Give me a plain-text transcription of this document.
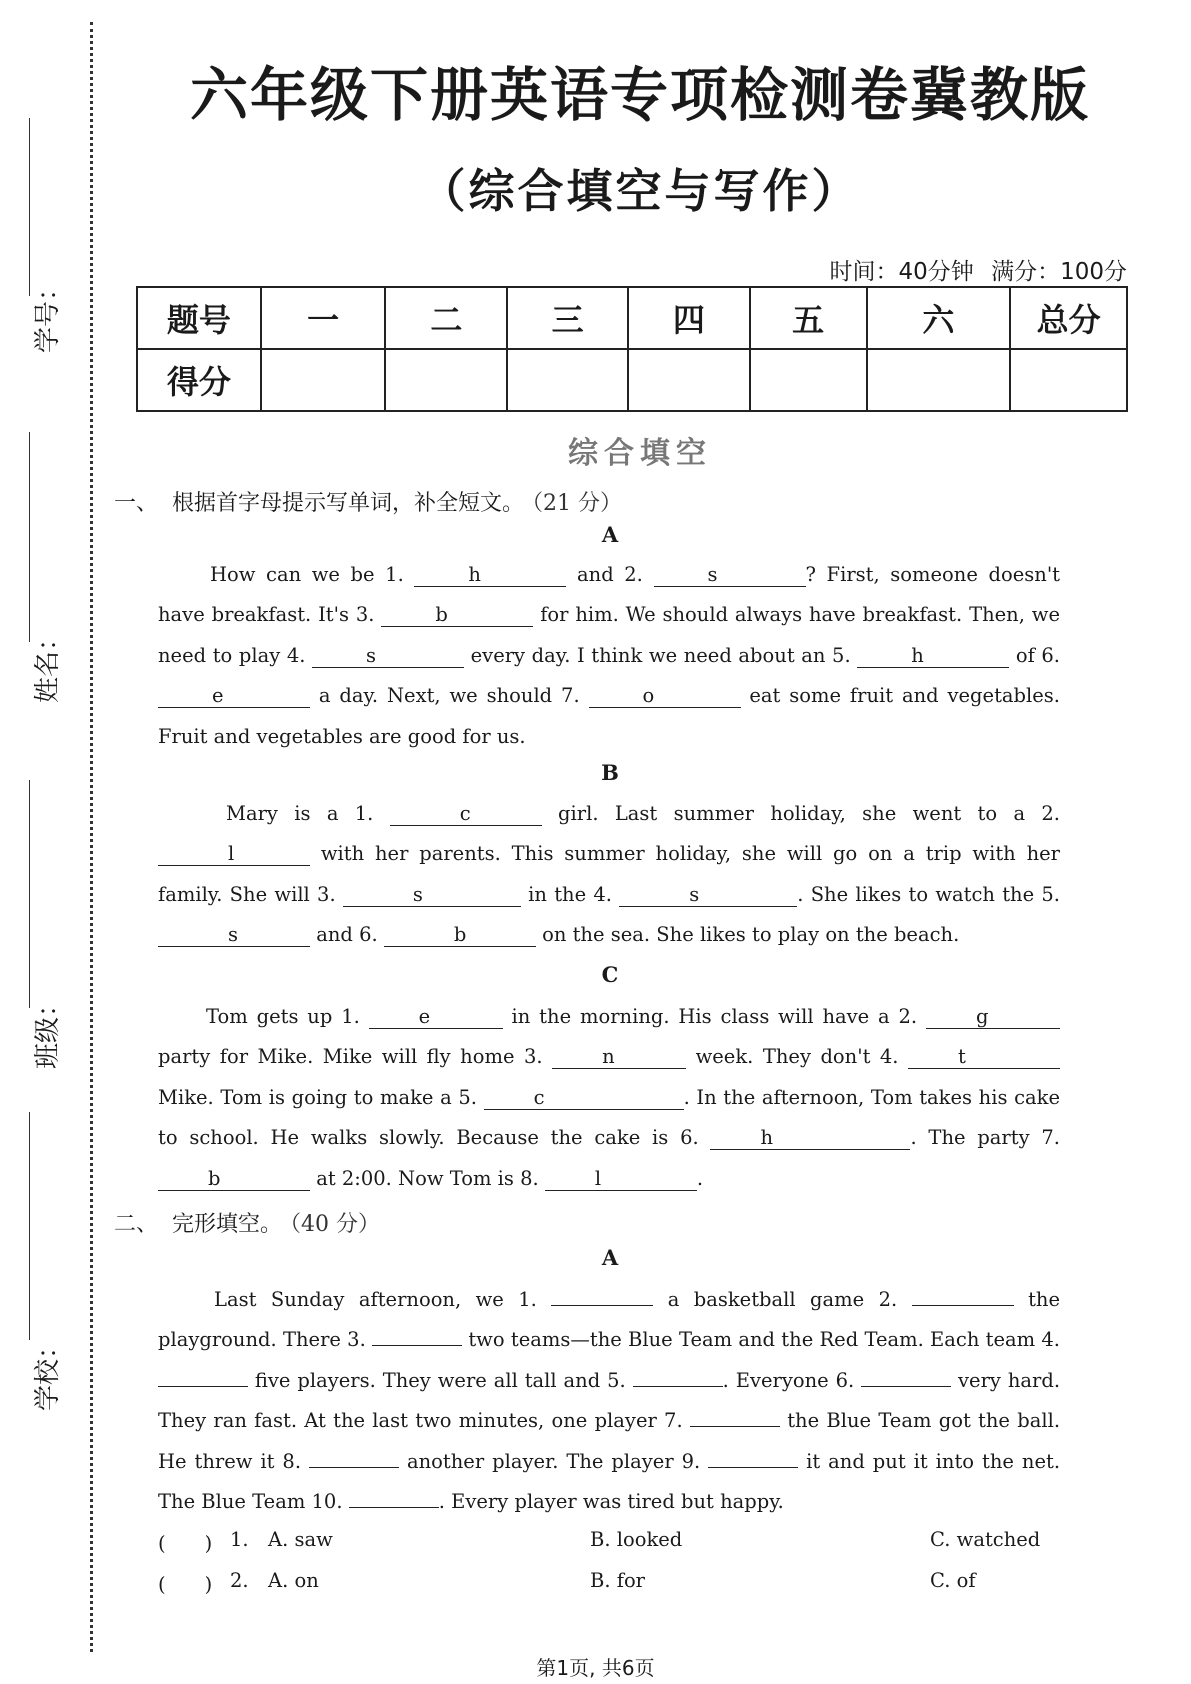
学号：
姓名：
班级：
学校：
六年级下册英语专项检测卷冀教版
（综合填空与写作）
时间：40分钟 满分：100分
题号	一	二	三	四	五	六	总分
得分							
综合填空
一、 根据首字母提示写单词，补全短文。 （21 分）
A
How can we be 1.	h	and 2.	s	? First, someone doesn't have breakfast. It's 3.	b	for him. We should always have breakfast. Then, we need to play 4.	s	every day. I think we need about an 5.	h	of 6. e	a day. Next, we should 7.	o	eat some fruit and vegetables. Fruit and vegetables are good for us.
B
Mary is a 1.	c	girl. Last summer holiday, she went to a 2. l	with her parents. This summer holiday, she will go on a trip with her family. She will 3.	s	in the 4.	s	. She likes to watch the 5. s	and 6.	b	on the sea. She likes to play on the beach.
C
Tom gets up 1.	e	in the morning. His class will have a 2.	g party for Mike. Mike will fly home 3.	n	week. They don't 4.	t Mike. Tom is going to make a 5.	c	. In the afternoon, Tom takes his cake to school. He walks slowly. Because the cake is 6.	h	. The party 7. b	at 2:00. Now Tom is 8.	l	.
二、 完形填空。 （40 分）
A
Last Sunday afternoon, we 1.	a basketball game 2.	the playground. There 3.	two teams—the Blue Team and the Red Team. Each team 4.  five players. They were all tall and 5.	. Everyone 6.	very hard. They ran fast. At the last two minutes, one player 7.	the Blue Team got the ball. He threw it 8.	another player. The player 9.	it and put it into the net. The Blue Team 10.	. Every player was tired but happy.
(　　) 1. A. saw	B. looked	C. watched
(　　) 2. A. on	B. for	C. of
第1页, 共6页
